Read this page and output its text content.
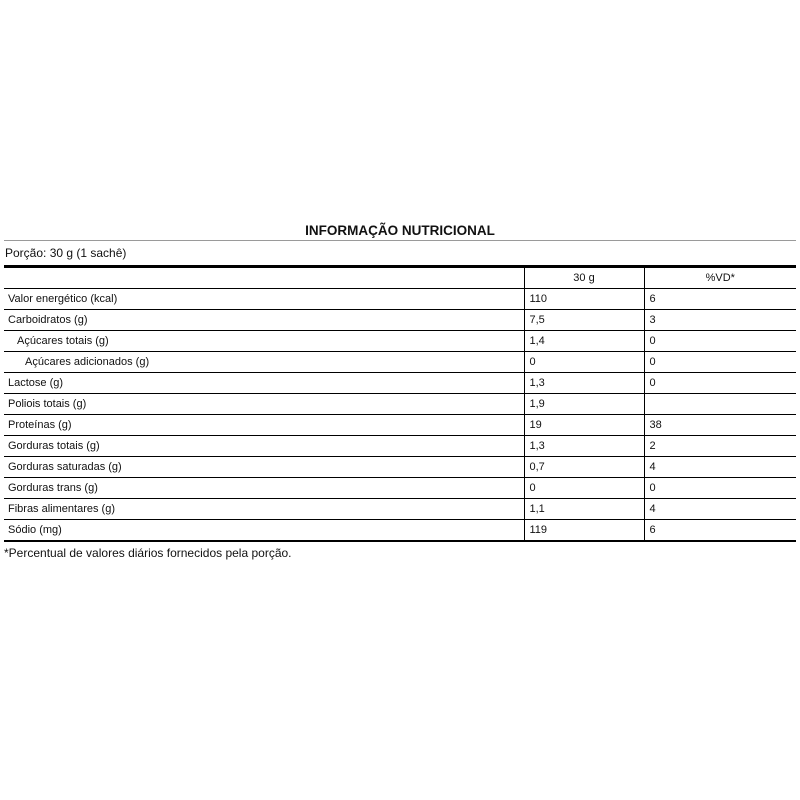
INFORMAÇÃO NUTRICIONAL
Porção: 30 g (1 sachê)
	30 g	%VD*
Valor energético (kcal)	110	6
Carboidratos (g)	7,5	3
Açúcares totais (g)	1,4	0
Açúcares adicionados (g)	0	0
Lactose (g)	1,3	0
Poliois totais (g)	1,9	
Proteínas (g)	19	38
Gorduras totais (g)	1,3	2
Gorduras saturadas (g)	0,7	4
Gorduras trans (g)	0	0
Fibras alimentares (g)	1,1	4
Sódio (mg)	119	6
*Percentual de valores diários fornecidos pela porção.
